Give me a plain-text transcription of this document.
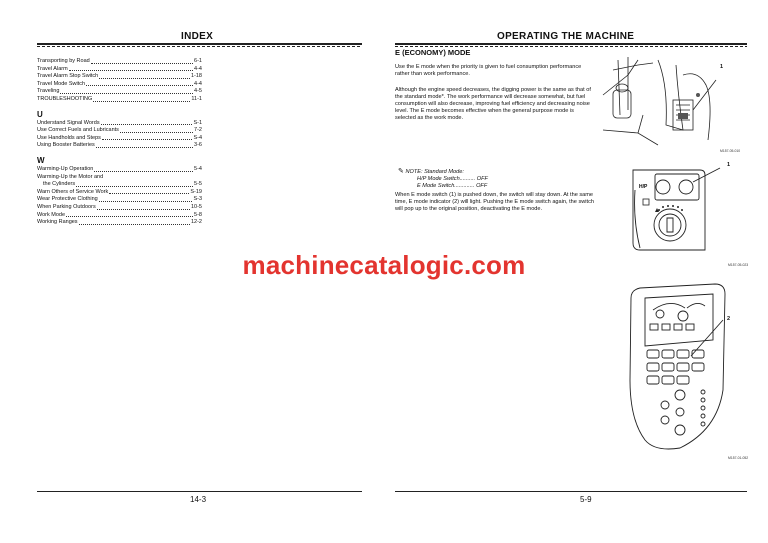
INDEX
Transporting by Road	6-1
Travel Alarm	4-4
Travel Alarm Stop Switch	1-18
Travel Mode Switch	4-4
Traveling	4-5
TROUBLESHOOTING	11-1
U
Understand Signal Words	S-1
Use Correct Fuels and Lubricants	7-2
Use Handholds and Steps	S-4
Using Booster Batteries	3-6
W
Warming-Up Operation	5-4
Warming-Up the Motor and
the Cylinders	5-5
Warn Others of Service Work	S-19
Wear Protective Clothing	S-3
When Parking Outdoors	10-5
Work Mode	5-8
Working Ranges	12-2
14-3
OPERATING THE MACHINE
5-9
E (ECONOMY) MODE
Use the E mode when the priority is given to fuel consumption performance rather than work performance.
Although the engine speed decreases, the digging power is the same as that of the standard mode*. The work performance will decrease somewhat, but fuel consumption will also decrease, improving fuel efficiency and decreasing noise level. The E mode becomes effective when the general purpose mode is selected as the work mode.
✎ NOTE: Standard Mode:
H/P Mode Switch.......... OFF
E Mode Switch............. OFF
When E mode switch (1) is pushed down, the switch will stay down. At the same time, E mode indicator (2) will light. Pushing the E mode switch again, the switch will pop up to the original position, deactivating the E mode.
1
M157-05-010
H/P
1
M157-05-023
2
M157-01-052
machinecatalogic.com
